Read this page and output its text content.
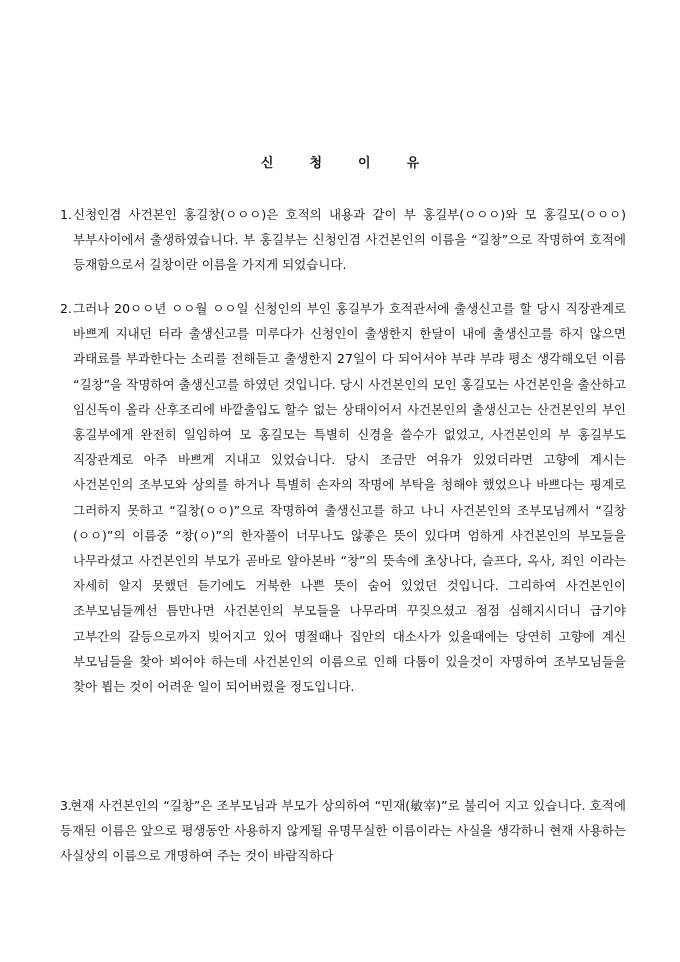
신	청	이	유
1. 신청인겸 사건본인 홍길창(ㅇㅇㅇ)은 호적의 내용과 같이 부 홍길부(ㅇㅇㅇ)와 모 홍길모(ㅇㅇㅇ) 부부사이에서 출생하였습니다. 부 홍길부는 신청인겸 사건본인의 이름을 “길창”으로 작명하여 호적에 등재함으로서 길창이란 이름을 가지게 되었습니다.
2. 그러나 20ㅇㅇ년 ㅇㅇ월 ㅇㅇ일 신청인의 부인 홍길부가 호적관서에 출생신고를 할 당시 직장관계로 바쁘게 지내던 터라 출생신고를 미루다가 신청인이 출생한지 한달이 내에 출생신고를 하지 않으면 과태료를 부과한다는 소리를 전해듣고 출생한지 27일이 다 되어서야 부랴 부랴 평소 생각해오던 이름 “길창”을 작명하여 출생신고를 하였던 것입니다. 당시 사건본인의 모인 홍길모는 사건본인을 출산하고 임신독이 올라 산후조리에 바깥출입도 할수 없는 상태이어서 사건본인의 출생신고는 산건본인의 부인 홍길부에게 완전히 일임하여 모 홍길모는 특별히 신경을 쓸수가 없었고, 사건본인의 부 홍길부도 직장관계로 아주 바쁘게 지내고 있었습니다. 당시 조금만 여유가 있었더라면 고향에 계시는 사건본인의 조부모와 상의를 하거나 특별히 손자의 작명에 부탁을 청해야 했었으나 바쁘다는 핑계로 그러하지 못하고 “길창(ㅇㅇ)”으로 작명하여 출생신고를 하고 나니 사건본인의 조부모님께서 “길창(ㅇㅇ)”의 이름중 “창(ㅇ)”의 한자풀이 너무나도 않좋은 뜻이 있다며 엄하게 사건본인의 부모들을 나무라셨고 사건본인의 부모가 곧바로 알아본바 “창”의 뜻속에 초상나다, 슬프다, 옥사, 죄인 이라는 자세히 알지 못했던 듣기에도 거북한 나쁜 뜻이 숨어 있었던 것입니다. 그리하여 사건본인이 조부모님들께선 틈만나면 사건본인의 부모들을 나무라며 꾸짖으셨고 점점 심해지시더니 급기야 고부간의 갈등으로까지 빚어지고 있어 명절때나 집안의 대소사가 있을때에는 당연히 고향에 계신 부모님들을 찾아 뵈어야 하는데 사건본인의 이름으로 인해 다툼이 있을것이 자명하여 조부모님들을 찾아 뵙는 것이 어려운 일이 되어버렸을 정도입니다.
3.현재 사건본인의 “길창”은 조부모님과 부모가 상의하여 “민재(敏宰)”로 불리어 지고 있습니다. 호적에 등재된 이름은 앞으로 평생동안 사용하지 않게될 유명무실한 이름이라는 사실을 생각하니 현재 사용하는 사실상의 이름으로 개명하여 주는 것이 바람직하다
